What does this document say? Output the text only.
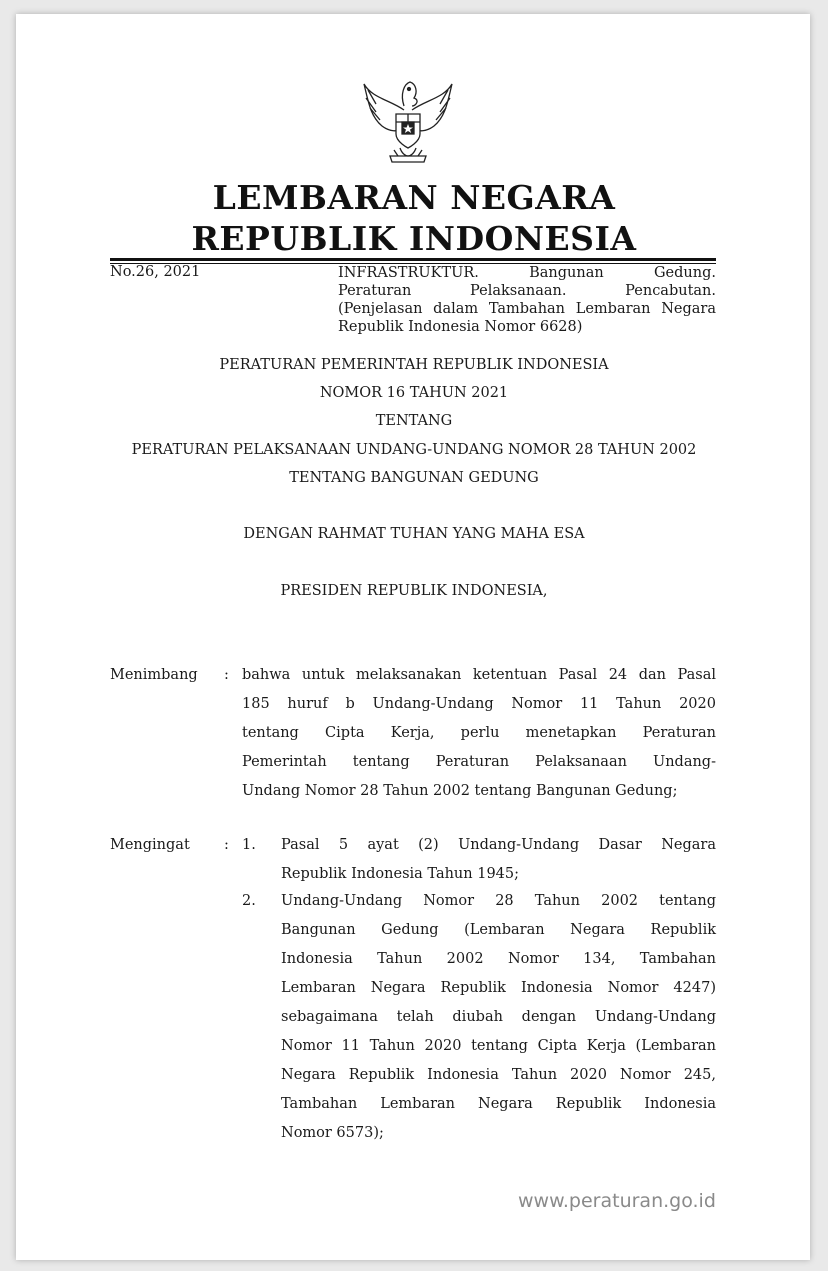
LEMBARAN NEGARA
REPUBLIK INDONESIA
No.26, 2021	INFRASTRUKTUR. Bangunan Gedung.
Peraturan Pelaksanaan. Pencabutan.
(Penjelasan dalam Tambahan Lembaran Negara
Republik Indonesia Nomor 6628)
PERATURAN PEMERINTAH REPUBLIK INDONESIA
NOMOR 16 TAHUN 2021
TENTANG
PERATURAN PELAKSANAAN UNDANG-UNDANG NOMOR 28 TAHUN 2002
TENTANG BANGUNAN GEDUNG
DENGAN RAHMAT TUHAN YANG MAHA ESA
PRESIDEN REPUBLIK INDONESIA,
Menimbang : bahwa untuk melaksanakan ketentuan Pasal 24 dan Pasal
185 huruf b Undang-Undang Nomor 11 Tahun 2020
tentang Cipta Kerja, perlu menetapkan Peraturan
Pemerintah tentang Peraturan Pelaksanaan Undang-
Undang Nomor 28 Tahun 2002 tentang Bangunan Gedung;
Mengingat : 1. Pasal 5 ayat (2) Undang-Undang Dasar Negara
Republik Indonesia Tahun 1945;
2. Undang-Undang Nomor 28 Tahun 2002 tentang
Bangunan Gedung (Lembaran Negara Republik
Indonesia Tahun 2002 Nomor 134, Tambahan
Lembaran Negara Republik Indonesia Nomor 4247)
sebagaimana telah diubah dengan Undang-Undang
Nomor 11 Tahun 2020 tentang Cipta Kerja (Lembaran
Negara Republik Indonesia Tahun 2020 Nomor 245,
Tambahan Lembaran Negara Republik Indonesia
Nomor 6573);
www.peraturan.go.id
